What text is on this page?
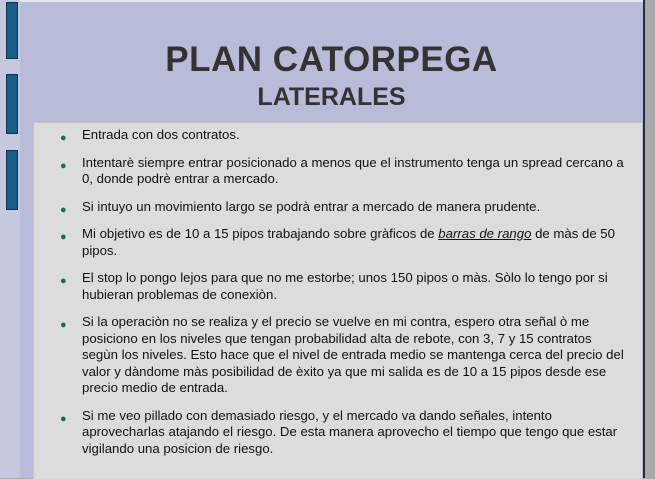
PLAN CATORPEGA
LATERALES
● Entrada con dos contratos.
● Intentarè siempre entrar posicionado a menos que el instrumento tenga un spread cercano a 0, donde podrè entrar a mercado.
● Si intuyo un movimiento largo se podrà entrar a mercado de manera prudente.
● Mi objetivo es de 10 a 15 pipos trabajando sobre gràficos de barras de rango de màs de 50 pipos.
● El stop lo pongo lejos para que no me estorbe; unos 150 pipos o màs. Sòlo lo tengo por si hubieran problemas de conexiòn.
● Si la operaciòn no se realiza y el precio se vuelve en mi contra, espero otra señal ò me posiciono en los niveles que tengan probabilidad alta de rebote, con 3, 7 y 15 contratos segùn los niveles. Esto hace que el nivel de entrada medio se mantenga cerca del precio del valor y dàndome màs posibilidad de èxito ya que mi salida es de 10 a 15 pipos desde ese precio medio de entrada.
● Si me veo pillado con demasiado riesgo, y el mercado va dando señales, intento aprovecharlas atajando el riesgo. De esta manera aprovecho el tiempo que tengo que estar vigilando una posicion de riesgo.
